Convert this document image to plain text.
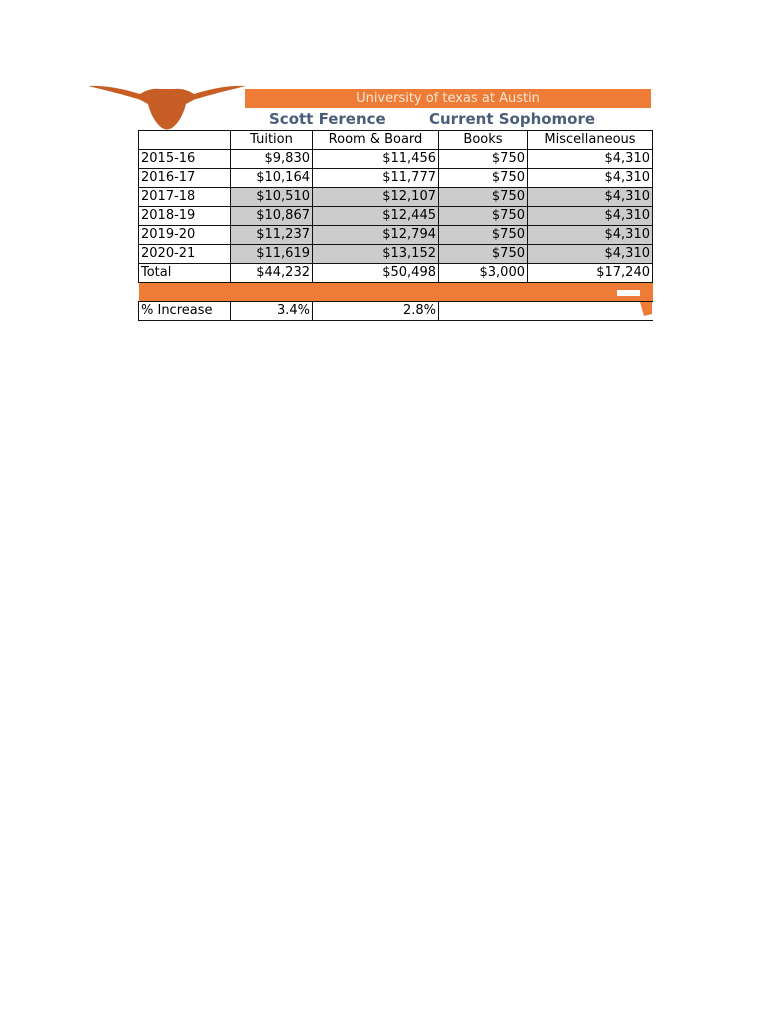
University of texas at Austin
Scott Ference	Current Sophomore
	Tuition	Room & Board	Books	Miscellaneous
2015-16	$9,830	$11,456	$750	$4,310
2016-17	$10,164	$11,777	$750	$4,310
2017-18	$10,510	$12,107	$750	$4,310
2018-19	$10,867	$12,445	$750	$4,310
2019-20	$11,237	$12,794	$750	$4,310
2020-21	$11,619	$13,152	$750	$4,310
Total	$44,232	$50,498	$3,000	$17,240

% Increase	3.4%	2.8%		
